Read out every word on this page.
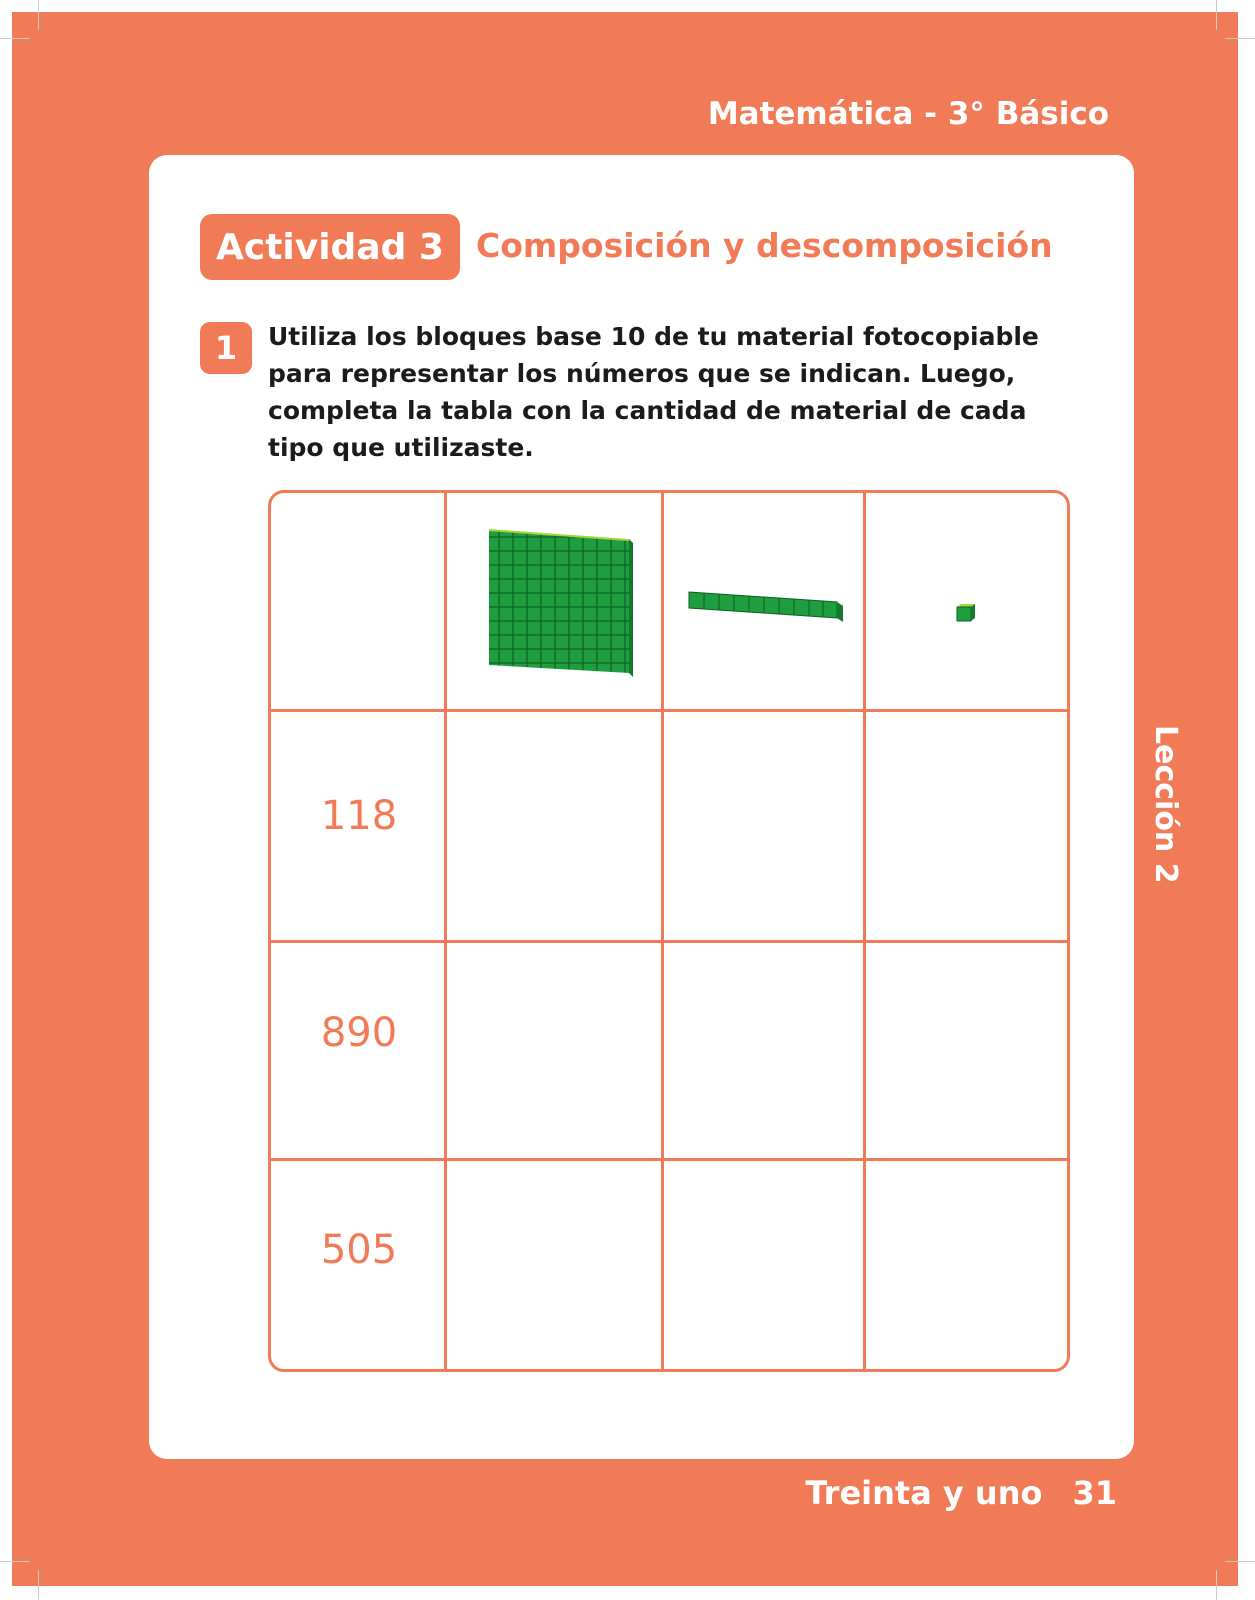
Matemática - 3° Básico
Actividad 3 Composición y descomposición
1	Utiliza los bloques base 10 de tu material fotocopiable para representar los números que se indican. Luego, completa la tabla con la cantidad de material de cada tipo que utilizaste.
118
890
505
Lección 2
Treinta y uno 31
